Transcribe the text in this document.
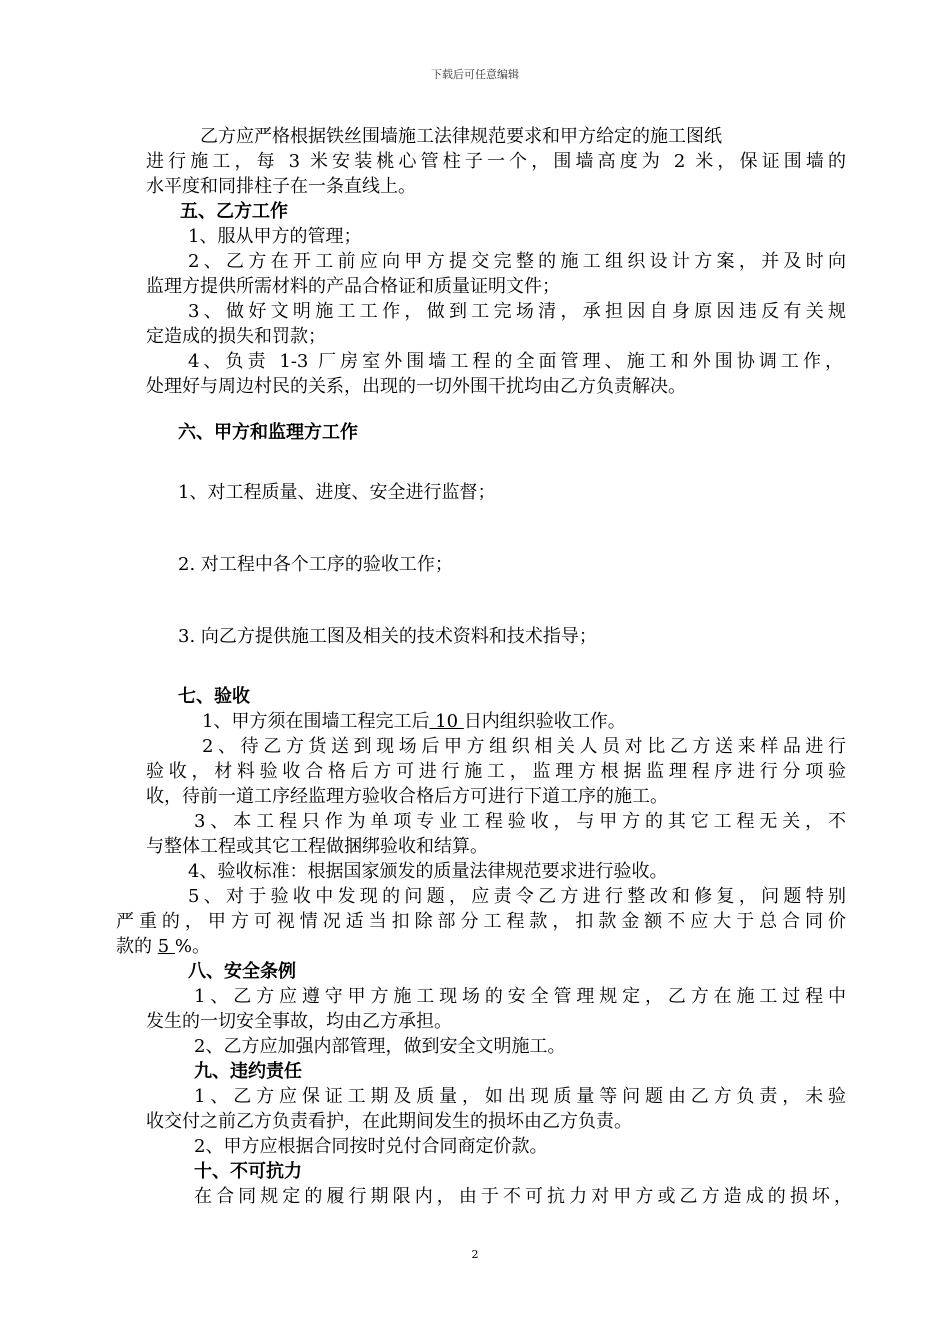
下载后可任意编辑
乙方应严格根据铁丝围墙施工法律规范要求和甲方给定的施工图纸
进行施工，每 3 米安装桃心管柱子一个，围墙高度为 2 米，保证围墙的
水平度和同排柱子在一条直线上。
五、乙方工作
1、服从甲方的管理；
2、乙方在开工前应向甲方提交完整的施工组织设计方案，并及时向
监理方提供所需材料的产品合格证和质量证明文件；
3、做好文明施工工作，做到工完场清，承担因自身原因违反有关规
定造成的损失和罚款；
4、负责 1-3 厂房室外围墙工程的全面管理、施工和外围协调工作，
处理好与周边村民的关系，出现的一切外围干扰均由乙方负责解决。
六、甲方和监理方工作
1、对工程质量、进度、安全进行监督；
2. 对工程中各个工序的验收工作；
3. 向乙方提供施工图及相关的技术资料和技术指导；
七、验收
1、甲方须在围墙工程完工后 10 日内组织验收工作。
2、待乙方货送到现场后甲方组织相关人员对比乙方送来样品进行
验收，材料验收合格后方可进行施工，监理方根据监理程序进行分项验
收，待前一道工序经监理方验收合格后方可进行下道工序的施工。
3、本工程只作为单项专业工程验收，与甲方的其它工程无关，不
与整体工程或其它工程做捆绑验收和结算。
4、验收标准：根据国家颁发的质量法律规范要求进行验收。
5、对于验收中发现的问题，应责令乙方进行整改和修复，问题特别
严重的，甲方可视情况适当扣除部分工程款，扣款金额不应大于总合同价
款的 5 %。
八、安全条例
1、乙方应遵守甲方施工现场的安全管理规定，乙方在施工过程中
发生的一切安全事故，均由乙方承担。
2、乙方应加强内部管理，做到安全文明施工。
九、违约责任
1、乙方应保证工期及质量，如出现质量等问题由乙方负责，未验
收交付之前乙方负责看护，在此期间发生的损坏由乙方负责。
2、甲方应根据合同按时兑付合同商定价款。
十、不可抗力
在合同规定的履行期限内，由于不可抗力对甲方或乙方造成的损坏，
2
